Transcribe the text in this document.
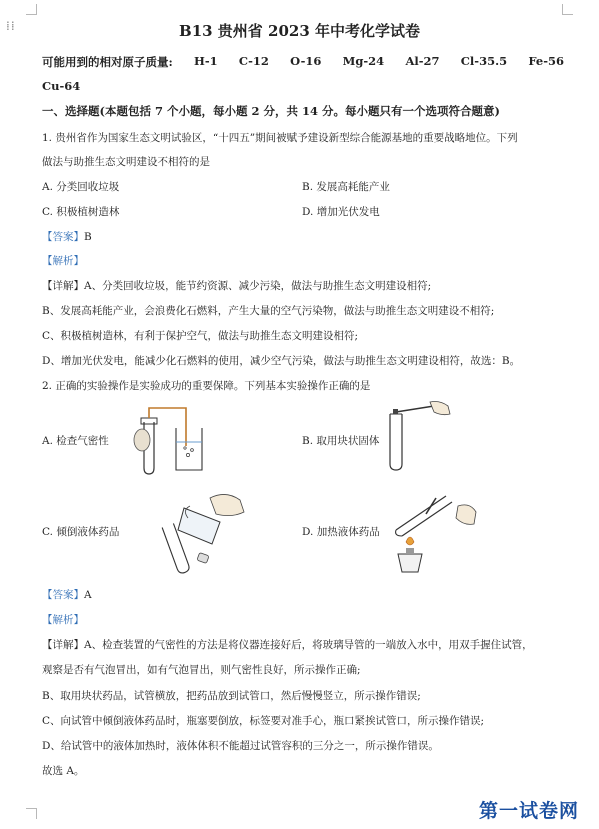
⁞⁞	B13 贵州省 2023 年中考化学试卷
可能用到的相对原子质量: H-1 C-12 O-16 Mg-24 Al-27 Cl-35.5 Fe-56
Cu-64
一、选择题(本题包括 7 个小题，每小题 2 分，共 14 分。每小题只有一个选项符合题意)
1. 贵州省作为国家生态文明试验区，“十四五”期间被赋予建设新型综合能源基地的重要战略地位。下列
做法与助推生态文明建设不相符的是
A. 分类回收垃圾	B. 发展高耗能产业
C. 积极植树造林	D. 增加光伏发电
【答案】B
【解析】
【详解】A、分类回收垃圾，能节约资源、减少污染，做法与助推生态文明建设相符;
B、发展高耗能产业，会浪费化石燃料，产生大量的空气污染物，做法与助推生态文明建设不相符;
C、积极植树造林，有利于保护空气，做法与助推生态文明建设相符;
D、增加光伏发电，能减少化石燃料的使用，减少空气污染，做法与助推生态文明建设相符，故选：B。
2. 正确的实验操作是实验成功的重要保障。下列基本实验操作正确的是
A. 检查气密性	B. 取用块状固体
C. 倾倒液体药品	D. 加热液体药品
【答案】A
【解析】
【详解】A、检查装置的气密性的方法是将仪器连接好后，将玻璃导管的一端放入水中，用双手握住试管，
观察是否有气泡冒出，如有气泡冒出，则气密性良好，所示操作正确;
B、取用块状药品，试管横放，把药品放到试管口，然后慢慢竖立，所示操作错误;
C、向试管中倾倒液体药品时，瓶塞要倒放，标签要对准手心，瓶口紧挨试管口，所示操作错误;
D、给试管中的液体加热时，液体体积不能超过试管容积的三分之一，所示操作错误。
故选 A。
第一试卷网
